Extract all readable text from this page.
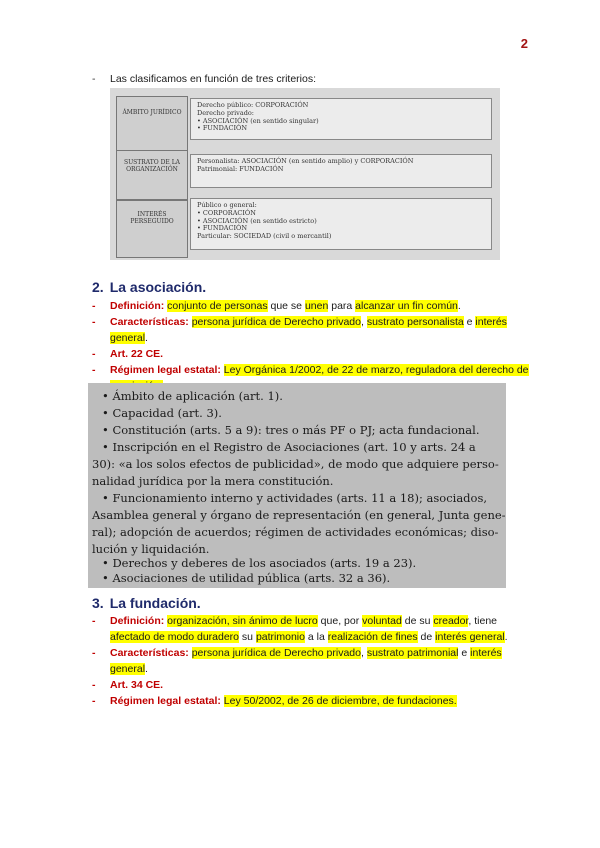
2
- Las clasificamos en función de tres criterios:
ÁMBITO JURÍDICO
Derecho público: CORPORACIÓN
Derecho privado:
• ASOCIACIÓN (en sentido singular)
• FUNDACIÓN
SUSTRATO DE LA ORGANIZACIÓN
Personalista: ASOCIACIÓN (en sentido amplio) y CORPORACIÓN
Patrimonial: FUNDACIÓN
INTERÉS PERSEGUIDO
Público o general:
• CORPORACIÓN
• ASOCIACIÓN (en sentido estricto)
• FUNDACIÓN
Particular: SOCIEDAD (civil o mercantil)
2. La asociación.
-	Definición: conjunto de personas que se unen para alcanzar un fin común.
-	Características: persona jurídica de Derecho privado, sustrato personalista e interés general.
-	Art. 22 CE.
-	Régimen legal estatal: Ley Orgánica 1/2002, de 22 de marzo, reguladora del derecho de
• Ámbito de aplicación (art. 1).
• Capacidad (art. 3).
• Constitución (arts. 5 a 9): tres o más PF o PJ; acta fundacional.
• Inscripción en el Registro de Asociaciones (art. 10 y arts. 24 a
30): «a los solos efectos de publicidad», de modo que adquiere perso-
nalidad jurídica por la mera constitución.
• Funcionamiento interno y actividades (arts. 11 a 18); asociados,
Asamblea general y órgano de representación (en general, Junta gene-
ral); adopción de acuerdos; régimen de actividades económicas; diso-
lución y liquidación.
• Derechos y deberes de los asociados (arts. 19 a 23).
• Asociaciones de utilidad pública (arts. 32 a 36).
3. La fundación.
-	Definición: organización, sin ánimo de lucro que, por voluntad de su creador, tiene afectado de modo duradero su patrimonio a la realización de fines de interés general.
-	Características: persona jurídica de Derecho privado, sustrato patrimonial e interés general.
-	Art. 34 CE.
-	Régimen legal estatal: Ley 50/2002, de 26 de diciembre, de fundaciones.
